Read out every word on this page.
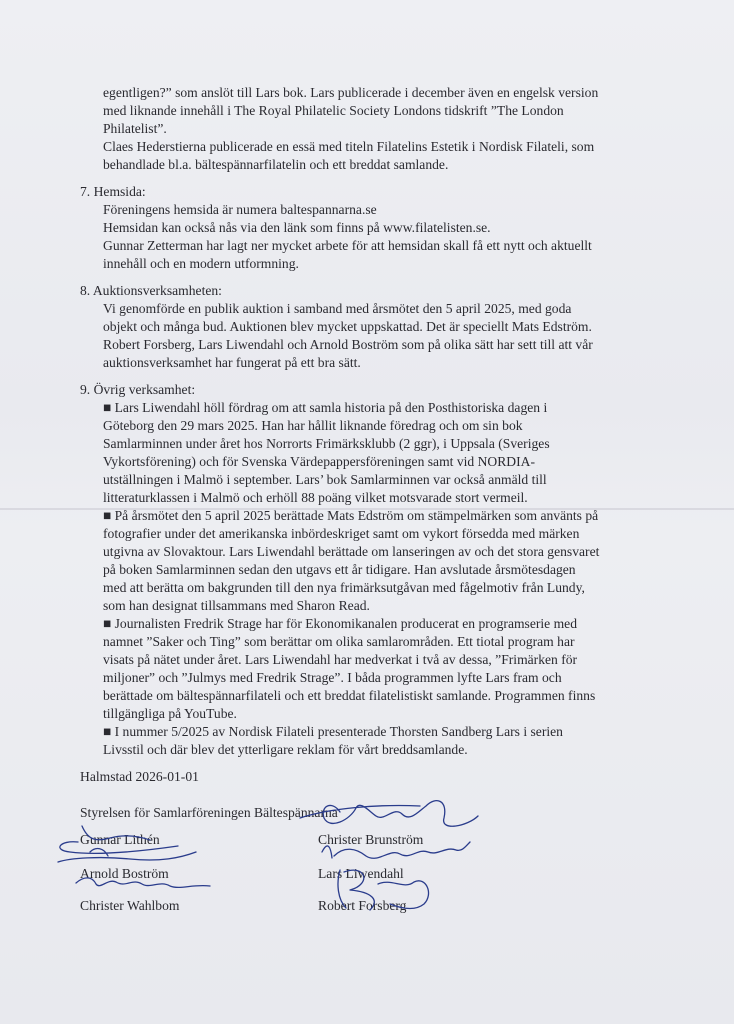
egentligen?” som anslöt till Lars bok. Lars publicerade i december även en engelsk version
med liknande innehåll i The Royal Philatelic Society Londons tidskrift ”The London
Philatelist”.
Claes Hederstierna publicerade en essä med titeln Filatelins Estetik i Nordisk Filateli, som
behandlade bl.a. bältespännarfilatelin och ett breddat samlande.
7. Hemsida:
Föreningens hemsida är numera baltespannarna.se
Hemsidan kan också nås via den länk som finns på www.filatelisten.se.
Gunnar Zetterman har lagt ner mycket arbete för att hemsidan skall få ett nytt och aktuellt
innehåll och en modern utformning.
8. Auktionsverksamheten:
Vi genomförde en publik auktion i samband med årsmötet den 5 april 2025, med goda
objekt och många bud. Auktionen blev mycket uppskattad. Det är speciellt Mats Edström.
Robert Forsberg, Lars Liwendahl och Arnold Boström som på olika sätt har sett till att vår
auktionsverksamhet har fungerat på ett bra sätt.
9. Övrig verksamhet:
■ Lars Liwendahl höll fördrag om att samla historia på den Posthistoriska dagen i
Göteborg den 29 mars 2025. Han har hållit liknande föredrag och om sin bok
Samlarminnen under året hos Norrorts Frimärksklubb (2 ggr), i Uppsala (Sveriges
Vykortsförening) och för Svenska Värdepappersföreningen samt vid NORDIA-
utställningen i Malmö i september. Lars’ bok Samlarminnen var också anmäld till
litteraturklassen i Malmö och erhöll 88 poäng vilket motsvarade stort vermeil.
■ På årsmötet den 5 april 2025 berättade Mats Edström om stämpelmärken som använts på
fotografier under det amerikanska inbördeskriget samt om vykort försedda med märken
utgivna av Slovaktour. Lars Liwendahl berättade om lanseringen av och det stora gensvaret
på boken Samlarminnen sedan den utgavs ett år tidigare. Han avslutade årsmötesdagen
med att berätta om bakgrunden till den nya frimärksutgåvan med fågelmotiv från Lundy,
som han designat tillsammans med Sharon Read.
■ Journalisten Fredrik Strage har för Ekonomikanalen producerat en programserie med
namnet ”Saker och Ting” som berättar om olika samlarområden. Ett tiotal program har
visats på nätet under året. Lars Liwendahl har medverkat i två av dessa, ”Frimärken för
miljoner” och ”Julmys med Fredrik Strage”. I båda programmen lyfte Lars fram och
berättade om bältespännarfilateli och ett breddat filatelistiskt samlande. Programmen finns
tillgängliga på YouTube.
■ I nummer 5/2025 av Nordisk Filateli presenterade Thorsten Sandberg Lars i serien
Livsstil och där blev det ytterligare reklam för vårt breddsamlande.
Halmstad 2026-01-01
Styrelsen för Samlarföreningen Bältespännarna
Gunnar Lithén	Christer Brunström
Arnold Boström	Lars Liwendahl
Christer Wahlbom	Robert Forsberg
